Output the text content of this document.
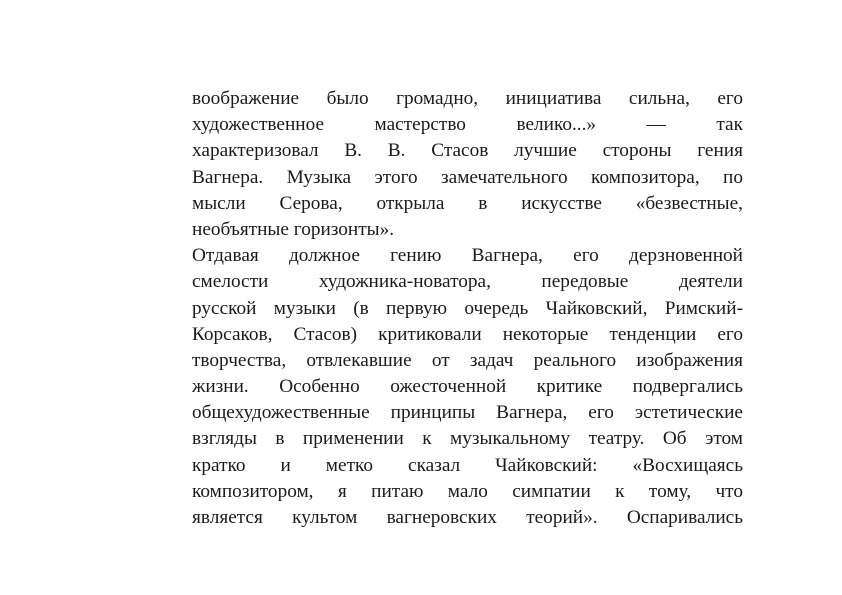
воображение было громадно, инициатива сильна, его
художественное мастерство велико...» — так
характеризовал В. В. Стасов лучшие стороны гения
Вагнера. Музыка этого замечательного композитора, по
мысли Серова, открыла в искусстве «безвестные,
необъятные горизонты».
Отдавая должное гению Вагнера, его дерзновенной
смелости художника-новатора, передовые деятели
русской музыки (в первую очередь Чайковский, Римский-
Корсаков, Стасов) критиковали некоторые тенденции его
творчества, отвлекавшие от задач реального изображения
жизни. Особенно ожесточенной критике подвергались
общехудожественные принципы Вагнера, его эстетические
взгляды в применении к музыкальному театру. Об этом
кратко и метко сказал Чайковский: «Восхищаясь
композитором, я питаю мало симпатии к тому, что
является культом вагнеровских теорий». Оспаривались
